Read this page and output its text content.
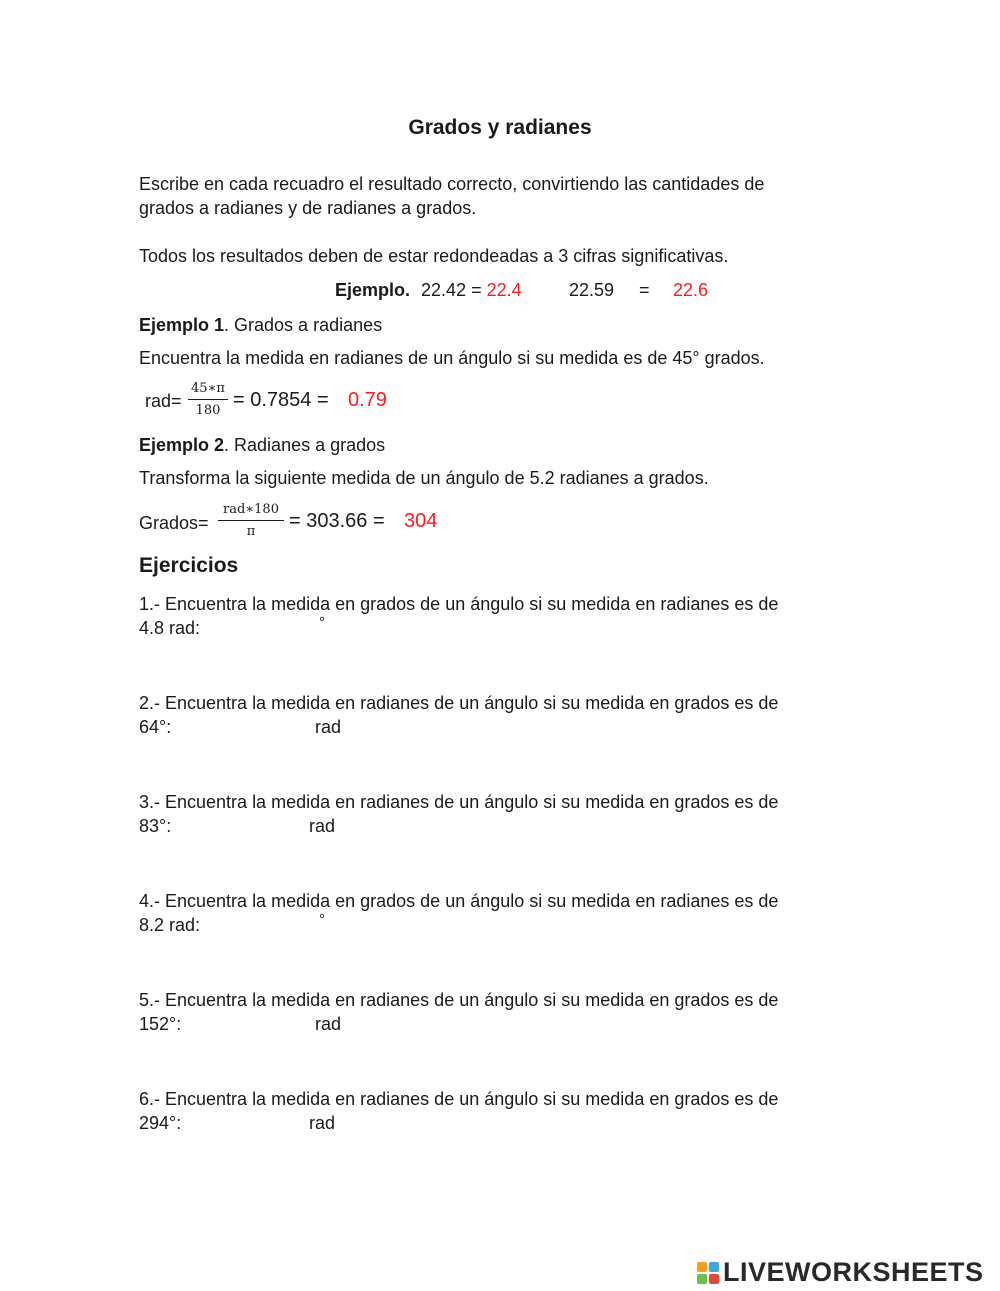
Grados y radianes
Escribe en cada recuadro el resultado correcto, convirtiendo las cantidades de
grados a radianes y de radianes a grados.
Todos los resultados deben de estar redondeadas a 3 cifras significativas.
Ejemplo. 22.42 = 22.4	22.59 = 22.6
Ejemplo 1. Grados a radianes
Encuentra la medida en radianes de un ángulo si su medida es de 45° grados.
rad=
45∗π
180 = 0.7854 = 0.79
Ejemplo 2. Radianes a grados
Transforma la siguiente medida de un ángulo de 5.2 radianes a grados.
Grados=
rad∗180
π = 303.66 = 304
Ejercicios
1.- Encuentra la medida en grados de un ángulo si su medida en radianes es de
4.8 rad:	°
2.- Encuentra la medida en radianes de un ángulo si su medida en grados es de
64°:	rad
3.- Encuentra la medida en radianes de un ángulo si su medida en grados es de
83°:	rad
4.- Encuentra la medida en grados de un ángulo si su medida en radianes es de
8.2 rad:	°
5.- Encuentra la medida en radianes de un ángulo si su medida en grados es de
152°:	rad
6.- Encuentra la medida en radianes de un ángulo si su medida en grados es de
294°:	rad
LIVEWORKSHEETS
